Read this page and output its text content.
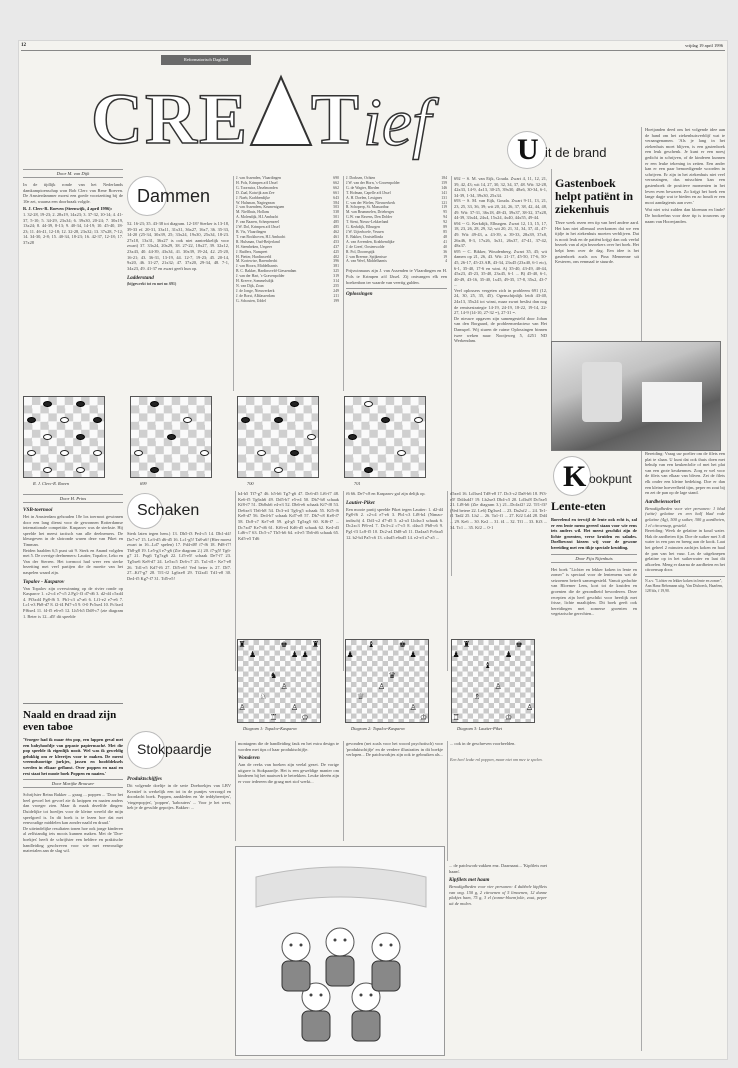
12	vrijdag 19 april 1996
Reformatorisch Dagblad
CRE T ief	U it de brand
Door M. van Dijk

In de tijdlijk ronde van het Nederlands damkampioenschap won Bob Clerc van Rene Roeven. De Amsterdammer moest een goede voortzetting bij de 10e zet, waarna een doorbraak volgde.

R. J. Clerc-R. Roeven (Steenwijk, 4 april 1996):

1. 32-28, 19-23; 2. 28x19, 14x23; 3. 37-32, 10-14; 4. 41-37, 5-10; 5. 34-29, 23x34; 6. 39x30, 20-24; 7. 30x19, 13x24; 8. 44-39, 8-13; 9. 40-34, 14-19; 10. 45-40, 18-23; 11. 46-41, 12-18; 12. 32-28, 23x32; 13. 37x28, 7-12; 14. 34-30, 2-8; 15. 40-34, 18-23; 16. 42-37, 12-18; 17. 37x28

Dammen

52. 16-23; 35. 43-38 tot diagram. 12-18? Sterker is 13-18, 39-33 ef. 20-31, 33x11, 31x31, 36x27, 16x7, 36. 35-33, 14-20 (25-34, 30x39, 25; 33x24, 19x30, 25x34, 18-23. 27x18, 13x31, 36x27 is ook niet aantrekkelijk voor zwart) 37. 33x24, 20x29, 38. 27-22, 18x27, 39. 32x12, 23x43, 40. 44-39, 43x34, 41. 30x39, 19-24, 42. 25-20, 16-21; 43. 36-31, 13-19, 44. 12-7, 19-23; 45. 20-14, 9x20, 46. 31-27, 21x32; 47. 37x20, 29-34, 48. 7-1, 34x23, 49. 41-37 en zwart geeft hun op.

Ladderstand

(bijgewerkt tot en met nr. 691)

J. van Assenden, Vlaardingen	690
H. Pols, Krimpen a/d IJssel	662
G. Toornstra, IJsselmonden	662
D. Zaal, Katwijk aan Zee	661
J. Naeb, Krabbendijke	643
W. Hulsman, Nagtegeaan	584
J. van Assendem, Krumeniguen	503
M. Nielfhuis, Hollans	538
A. Molendijk, H.I.Ambacht	501
F. van Baaren, Scherpenzeel	485
J.W. Dol, Krimpen a/d IJssel	485
B. Vis, Vlaardingen	462
T. van Bockhoven, H.I.Ambacht	461
R. Hulsman, Oud-Beijerland	453
H. Steenbeken, Urspeer	437
J. Radfers, Nunspeet	425
H. Pietter, Hardinxveld	402
M. Kortewise, Barendrecht	396
J. van Hoorn, Middelharnis	381
B. C. Bakker, Hardinxveld-Giessendam	325
J. van der Hart, 's-Gravenpolder	319
H. Kreeve, Sommelsdijk	314
N. van Dijk, Zoan	255
J. de Jonge, Nieuwerkerk	249
J. de Borst, Alblasserdam	211
G. Schouten, Uddel	199
J. Dorksen, Ochten	184
J.W. van der Horn, 's-Gravenpolder	159
G. de Wagter, Rheden	146
T. Holman, Capelle a/d IJssel	141
A. H. Doelen, Lexignes	131
C. van der Wielen, Nieuwerkerk	121
R. Schoperp, St. Maasartbar	119
M. van Brummelen, Drieberges	95
G.W. van Ravens, Den Dolder	94
T. Sieni, Nieuw-Lekkerland	92
G. Kerkdijk, Elburgen	89
J.W. Uijterhoefe, Veusen	85
E. Bakker, Ooststellinda	48
A. van Arvenden, Krabbendijke	41
J. de Greef, Oostenwolde	40
R. Pol, Doornspijk	36
J. van Breeme, Spijkenisse	19
A. van Weel, Middelharnis	4

Prijswinnaars zijn J. van Assenden te Vlaardingen en H. Pols te Krimpen a/d IJssel. Zij ontvangen elk een boekenbon ter waarde van veertig gulden.

Oplossingen

692 -- S. M. van Eijk, Gouda. Zwart 4, 11, 12, 21, 39, 42, 43; wit 14, 27, 30, 32, 34, 37, 48. Wit: 32-28, 42x33, 14-9, 4x13, 30-25, 39x30, 48x6, 30-34, 6-1, 34-39, 1-34, 39x30, 25x34.

693 -- S. M. van Eijk, Gouda. Zwart 9-11, 13, 21, 23, 25, 33, 36, 39; wit 20, 24, 26, 37, 38, 42, 44, 48, 49. Wit: 37-31, 36x18, 48-43, 39x37, 38-32, 37x28, 44-39, 33x44, 24x4, 15x24, 4x40, 44x55, 49-44.

694 -- G. Kerkdijk, Elburgen. Zwart 12, 13, 15, 17, 18, 23, 26, 28, 29, 32; wit 20, 21, 31, 34, 37, 41, 47-49. Wit: 49-43, a. 43-39, a. 39-33, 28x39, 37x8, 26x46, 8-3, 17x26, 3x31, 26x37, 47-41, 37-42, 48x37.

695 -- C. Bikker, Woudenberg. Zwart 35, 45; wit damen op 21, 26, 43. Wit: 21-17, 45-50, 17-6, 50-45, 26-17, 45-23 AB, 43-34, 23x45 (23x40, 6-1 etc), 6-1, 35-40, 17-6 en wint. A) 35-40, 43-49, 40-44, 45x23, 45-23, 35-40, 23x45, 6-1 ... B) 45-40, 6-1, 40-49, 43-16, 35-40, 1x45, 49-35, 17-8, 35x2, 43-7 ...

Veel oplossers vergeten zich in probleem 691 (12, 24, 30, 25, 35, 45). Ogenschijnlijk leidt 43-40, 24x13, 35x24 tot winst, maar zwart beslist dan nog de remisestrategie 14-19, 24-19, 18-22, 19-14, 22-27, 14-9 (14-10, 27-32 =), 27-31 =.

De nieuwe opgaven zijn samengesteld door Johan van den Borgaard, de probleemredacteur van Het Damspel. Wij sturen de ruime Oplossingen binnen twee weken naar: Nootjeweg 5, 4251 ND Werkendam.

R. J. Clerc-R. Raven	699	700	701
Gastenboek helpt patiënt in ziekenhuis

'Deze week rezen een tip van heel andere aard. Het kan niet allemaal overkomen dat we een tijdje in het ziekenhuis moeten verblijven. Dat is nooit leuk en de patiënt krijgt dan ook veelal bezoek van al zijn bezoekers over het boek. Het helpt hem over de dag. Een idee is het gastenboek zoals oos Pina Mennenne uit Kesteren, ons eenmaal te stuurde.

Hoetjanden deed ons het volgende idee aan de hand om het ziekenhuisverblijf wat te veraangenamen. 'Als je lang in het ziekenhuis moet blijven, is een gastenboek een leuk geschenk. Je kunt er een noesj gedicht in schrijven, of de kinderen kunnen er een leuke tekening in zetten. Een ander kan er een paar bemoedigende woorden in schrijven. Er zijn in het ziekenhuis niet veel verrassingen, dus misschien kan een gastenboek de positieve momenten in het leven even bewaren. Zo krijgt het boek een lange dagje wat te bieden en zo houdt er een mooi aandagtenis aan over.'

Wat niet wist zulden dan kloeman en linde? De bookeehsn voor deze tip is trouwens op naam van Hooerjanden.

K ookpunt
Lente-eten

Borrelend en terwijl de lente ook echt is, zal er een lente menu gereed staan voor wie eens iets anders wil. Het meest geschikt zijn de lichte groenten, verse kruiden en salades. Doelbewust kiezen wij voor de gewone bereiding met een tikje speciale kruiding.

Door Fija Nijenhuis

Het boek "Lichter en lekker koken in lente en zomer" is speciaal voor de lentemenu wat de seizoenen betreft samengesteld. Vanuit gedachte van Bloemer Lens, kort tot de kruiden en groenten die de gezondheid bevorderen. Deze recepten zijn heel geschikt voor heerlijk met frisse, lichte maaltijden. Dit boek geeft ook bereidingen met zomerse groenten en vegetarische gerechten...

Bereiding: Vraag uw poelier om de filets een plat te slaan. U kunt dat ook thuis doen met behulp van een keukenfolie of met het plat van een grote keukenmes. Zorg er wel voor de filets van elkaar van bliven. Zet de filets elk onder een kleine bedeking. Doe er dan een kleine hoeveelheid tijm, peper en zout bij en zet de pan op de lage stand.

Aardbeiensorbet

Benodigdheden voor vier personen: 1 blad (witte) gelatine en een half blad rode gelatine (4g), 500 g suiker, 300 g aardbeien, 1 el citroensap, gesteld.

Bereiding: Week de gelatine in koud water. Hak de aardbeien fijn. Doe de suiker met 3 dl water in een pan en breng aan de kook. Laat het geheel 2 minuten zachtjes koken en haal de pan van het vuur. Los de uitgeknepen gelatine op in het suikerwater en laat dit afkoelen. Meng er daarna de aardbeien en het citroensap door.

N.a.v. "Lichter en lekker koken in lente en zomer", Ann Hanz Behrmann uitg. Van Dishoeck, Haarlem, 128 blz, f 19,90.

Door H. Prins

VSB-toernooi

Het in Amsterdam gehouden 10e los toernooi gewinnen door een lang dienst voor de gewonnen Rotterdamse internationale competitie. Kasparov was de sterkste. Hij speelde het meest tactisch van alle deelnemers. De kleurgeven in de slotronde waren deze van Piket en Timman.

Beiden haalden 6,5 punt uit 9. Sterk en Anand volgden met 5. De overige deelnemers: Lautier, Topalov, Leko en Van der Sterren. Het toernooi had weer een sterke bezetting met veel partijen die de moeite van het naspelen waard zijn.

Topalov - Kasparov

Van Topalov zijn overwinning op de rivier ronde op Kasparov 1. c2-c4 e7-c5 2.Pg1-f3 d7-d6 3. d2-d4 c5xd4 4. Pf3xd4 Pg8-f6 5. Pb1-c3 a7-a6 6. Lf1-e2 e7-e6 7. Lc1-e3 Pb8-d7 8. f2-f4 Pd7-c5 9. 0-0 Pc5xe4 10. Pc3xe4 Pf6xe4 11. f4-f5 e6-e5 12. Lh5-h5 Dd8-c7 (zie diagram 1. Beter is 12...d5! dit speelde

Schaken

Sterk laten tegen hem.) 13. Dh5-f3 Pe4-c5 14. Dh1-d4! De7-e7 15. Le3-d5 d6-d5 16. Lc1-g5! Ta8-a6! (Hier moest zwart in 16...Ld7 spelen) 17. Pd4-d8! f7-f6 18. Pd8-f7! Th8-g8 19. Le5-g3 e7-g6 (Zie diagram 2.) 20. f7-g5! Tg6-g7 21. Pxg6 Tg7xg6 22. Lf5-e5! schaak De7-f7 23. Tg5xe6 Ke8-d7 24. Le5xc5 Dc6-c7 25. Ta1-d1+ Ke7-e8 26. Td1-e5 Kd7-f6 27. Df5-e6! Ved beter is 27. Df7. 27...Kf7-g7 28. Tf1-f2 Lg6xe8 29. Tf2xd1 Td1-e8 30. De4-f5 Kg7-f7 31. Td5-e5!

h4-h5 Tf7-g7 46. h5-h6 Tg7-g6 47. Dc6-d5 Lf6-f7 48. Ke6-f5 Tg6xh6 49. Dd5-b7 e5-e4 50. Db7-b8 schaak Kf8-f7 51. Db8xb6 e4-e3 52. Db6-e6 schaak Kf7-f8 53. De6xe3 Th6-h8 54. Dc3-e4 Tg6-g5 schaak 55. Kf5-f6 Ke8-d7 56. De4-b7 schaak Kd7-e8 57. Db7-c8 Ke8-f7 58. Dc8-c7 Ke7-e8 59. g4-g5 Tg5xg5 60. Kf6-f7 ... Dc7xd7 Ke7-d6 61. Kf6-e4 Kd6-d5 schaak 62. Ke4-d3 Ld6-c7 63. Dc5-c7 Th5-b6 64. e4-e5 Th6-d6 schaak 65. Kd5-e5 Td6

f6 66. De7-c8 en Kasparov gaf zijn delijk op.

Lautier-Piket

Een mooie partij speelde Piket tegen Lautier: 1. d2-d4 Pg8-f6 2. c2-c4 e7-e6 3. Pb1-c3 Lf8-b4 (Nimzo-indisch) 4. Dd1-c2 d7-d5 5. a2-a3 Lb4xc3 schaak 6. Dc2xc3 Pf6-e4 7. Dc3-c2 c7-c5 8. d4xc5 Pb8-c6 9. Pg1-f3 Lc8-f5 10. Dc2-a4 Dd8-a5 11. Da4xa5 Pc6xa5 12. b2-b4 Pa5-c6 13. c4xd5 e6xd5 14. e2-e3 a7-a5 ...

d5xe4 16. Ld3xe4 Td8-e8 17. Dc3-c2 Da8-b6 18. Pf3-e5! Dd4xd4? 19. Lb2xe3 Db4-c5 20. Ld3xf8 Dc5xe5 21. Lf8-h6 (Zie diagram 3.) 21...Dc4xf2! 22. Tf1-f3? (Ved betere 22. Le6) Dg3xe4 ... 23. Da2xf2 ... 24. Te1-f1 Tad2 25. Lh2 ... 26. Ta1-f1 ... 27. Kf2 Ld4 28. Dd4 ... 29. Ke6 ... 30. Ke2 ... 31. f4 ... 32. Tf1 ... 33. Kf3 ... 34. Tc1 ... 35. Kf2 ... 0-1

♜	♚	♜
♟	♟ ♟
♞
♙
♘
♙	♙
♔
♖
♝	♚
♟	♟
♛
♙
♕
♙
♔
♜	♚
♟	♟
♝
♙
♗
♙
♔
♖
Diagram 1: Topalov-Kasparov	Diagram 2: Topalov-Kasparov	Diagram 3: Lautier-Piket
Naald en draad zijn even taboe

'Vroeger had ik maar één pop, een lappen geval met een babyhoofdje van gepaste papiermaché. Met die pop speelde ik eigenlijk nooit. Wel was ik geweldig gelukkig om er kleertjes voor te maken. De meest vreemdsoortige jurkjes, jassen en hoofddeksels werden in elkaar geflanst. Over poppen en naai en rest staat het mooie boek Poppen en naaien.'

Door Marijke Brouwer

Schrijfster Reina Bakker ... graag ... poppen ... 'Door het heel gevoel het gevoel zie ik knippen en naaien anders dan vroeger zien. Maar ik maak dezelfde dingen: Duidelijke tot hoedjes voor de kleine wereld die mijn speelgoed is. In dit boek is te lezen hoe dat met eenvoudige middelen kan zonder naald en draad.'

De uiteindelijke resultaten tonen hoe ook jonge kinderen al zelfstandig iets moois kunnen maken. Met de 'Doe-boekjes' heeft de schrijfster een heldere en praktische handleiding geschreven voor wie met eenvoudige materialen aan de slag wil.

Stokpaardje

Produktschijfjes

Dit volgende doeltje in de serie Doeboekjes van LBV Kreatief is werkelijk een tot in de puntjes verzorgd en doordacht boek. Poppen, aankleden en 'de teddybeertjes', 'vingerpopjes', 'poppen', 'kabouters' ... Voor je het weet, heb je de gevulde gepotjes. Bakker: ...

montagem die de handleiding fauk en het extra design te worden met tips of haar produktschijfje.

Wonderen

Aan de reeks van boeken zijn veelal gezet. De vorige uitgave is Stokpaardje. Het is een geweldige manier om kinderen bij het naaiwerk te betrekken. Leuke ideeën zijn er voor iedereen die graag met stof werkt...

gevonden (net zoals voor het woord psychotisch) voor 'produktschijfje' en de verdere illustraties in dit boekje verlopen... De patchworkjes zijn ook te gebruiken als...

... ook in de geschreven voorbeelden.

Een heel leuke rol poppen, maar niet om mee te spelen.

... de patchwork-zakken enz. Daarnaast... 'Kipfilets met haam'.

Kipfilets met haam

Benodigdheden voor vier personen: 4 dubbele kipfilets van ong. 150 g, 2 citroenen of 5 limoenen, 12 dunne plakjes ham, 75 g, 3 el (zonne-bloem)olie, zout, peper uit de molen.
